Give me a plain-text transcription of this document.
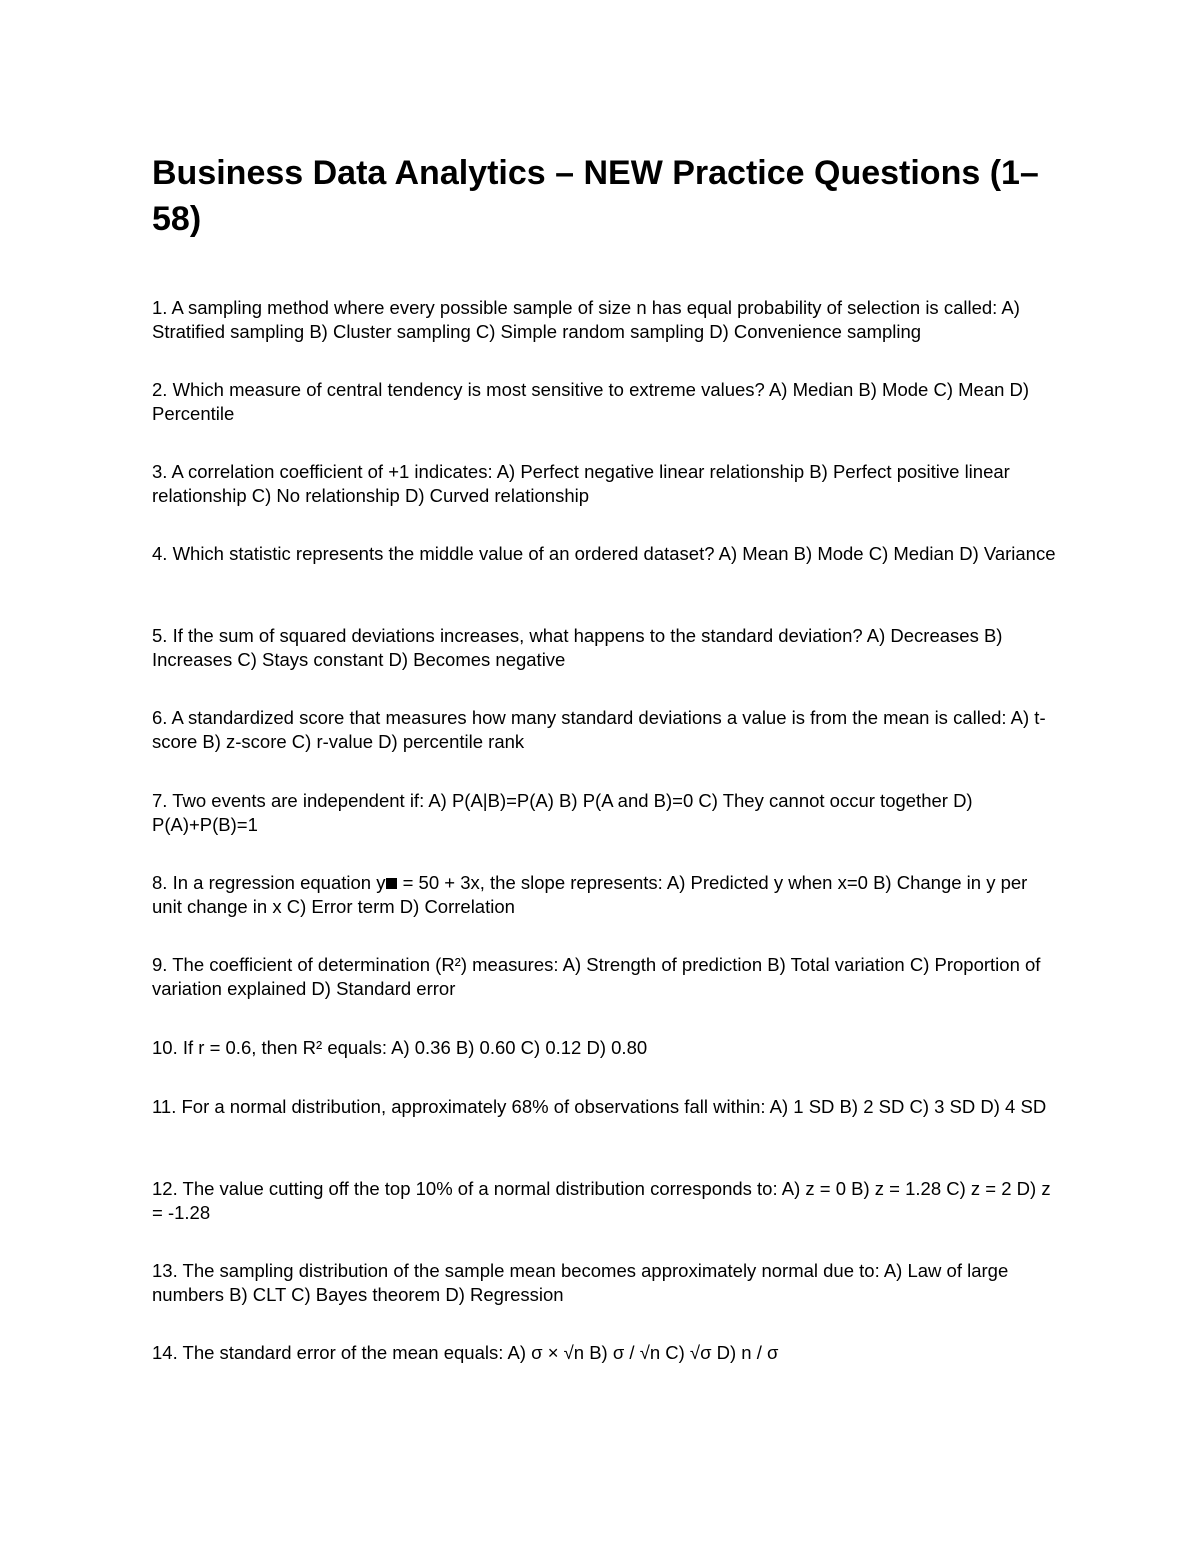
Business Data Analytics – NEW Practice Questions (1–58)

1. A sampling method where every possible sample of size n has equal probability of selection is called: A) Stratified sampling B) Cluster sampling C) Simple random sampling D) Convenience sampling

2. Which measure of central tendency is most sensitive to extreme values? A) Median B) Mode C) Mean D) Percentile

3. A correlation coefficient of +1 indicates: A) Perfect negative linear relationship B) Perfect positive linear relationship C) No relationship D) Curved relationship

4. Which statistic represents the middle value of an ordered dataset? A) Mean B) Mode C) Median D) Variance

5. If the sum of squared deviations increases, what happens to the standard deviation? A) Decreases B) Increases C) Stays constant D) Becomes negative

6. A standardized score that measures how many standard deviations a value is from the mean is called: A) t-score B) z-score C) r-value D) percentile rank

7. Two events are independent if: A) P(A|B)=P(A) B) P(A and B)=0 C) They cannot occur together D) P(A)+P(B)=1

8. In a regression equation y = 50 + 3x, the slope represents: A) Predicted y when x=0 B) Change in y per unit change in x C) Error term D) Correlation

9. The coefficient of determination (R²) measures: A) Strength of prediction B) Total variation C) Proportion of variation explained D) Standard error

10. If r = 0.6, then R² equals: A) 0.36 B) 0.60 C) 0.12 D) 0.80

11. For a normal distribution, approximately 68% of observations fall within: A) 1 SD B) 2 SD C) 3 SD D) 4 SD

12. The value cutting off the top 10% of a normal distribution corresponds to: A) z = 0 B) z = 1.28 C) z = 2 D) z = -1.28

13. The sampling distribution of the sample mean becomes approximately normal due to: A) Law of large numbers B) CLT C) Bayes theorem D) Regression

14. The standard error of the mean equals: A) σ × √n B) σ / √n C) √σ D) n / σ
